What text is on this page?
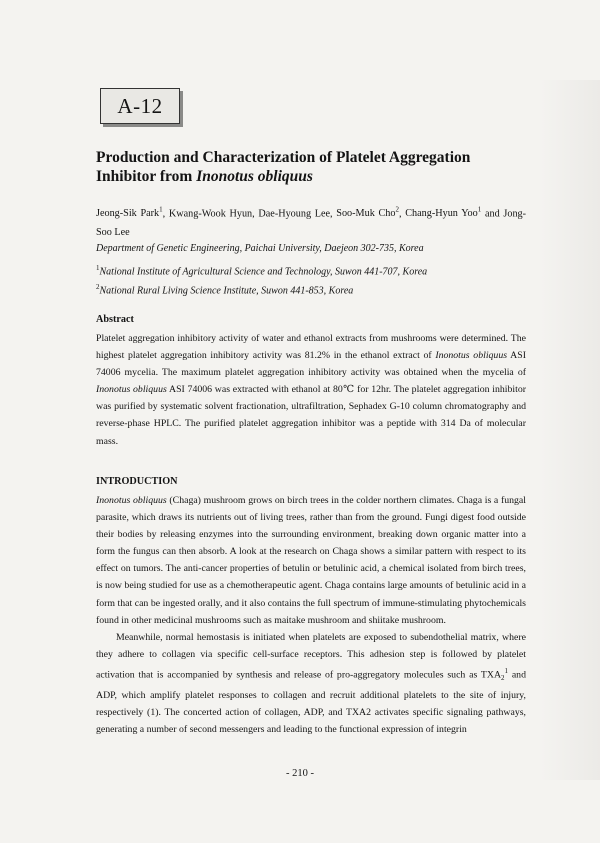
A-12
Production and Characterization of Platelet Aggregation Inhibitor from Inonotus obliquus
Jeong-Sik Park$^1$, Kwang-Wook Hyun, Dae-Hyoung Lee, Soo-Muk Cho$^2$, Chang-Hyun Yoo$^1$ and Jong-Soo Lee
Department of Genetic Engineering, Paichai University, Daejeon 302-735, Korea
$^1$National Institute of Agricultural Science and Technology, Suwon 441-707, Korea
$^2$National Rural Living Science Institute, Suwon 441-853, Korea
Abstract

Platelet aggregation inhibitory activity of water and ethanol extracts from mushrooms were determined. The highest platelet aggregation inhibitory activity was 81.2% in the ethanol extract of Inonotus obliquus ASI 74006 mycelia. The maximum platelet aggregation inhibitory activity was obtained when the mycelia of Inonotus obliquus ASI 74006 was extracted with ethanol at 80℃ for 12hr. The platelet aggregation inhibitor was purified by systematic solvent fractionation, ultrafiltration, Sephadex G-10 column chromatography and reverse-phase HPLC. The purified platelet aggregation inhibitor was a peptide with 314 Da of molecular mass.

INTRODUCTION

Inonotus obliquus (Chaga) mushroom grows on birch trees in the colder northern climates. Chaga is a fungal parasite, which draws its nutrients out of living trees, rather than from the ground. Fungi digest food outside their bodies by releasing enzymes into the surrounding environment, breaking down organic matter into a form the fungus can then absorb. A look at the research on Chaga shows a similar pattern with respect to its effect on tumors. The anti-cancer properties of betulin or betulinic acid, a chemical isolated from birch trees, is now being studied for use as a chemotherapeutic agent. Chaga contains large amounts of betulinic acid in a form that can be ingested orally, and it also contains the full spectrum of immune-stimulating phytochemicals found in other medicinal mushrooms such as maitake mushroom and shiitake mushroom.

Meanwhile, normal hemostasis is initiated when platelets are exposed to subendothelial matrix, where they adhere to collagen via specific cell-surface receptors. This adhesion step is followed by platelet activation that is accompanied by synthesis and release of pro-aggregatory molecules such as $TXA_2^1$ and ADP, which amplify platelet responses to collagen and recruit additional platelets to the site of injury, respectively (1). The concerted action of collagen, ADP, and TXA2 activates specific signaling pathways, generating a number of second messengers and leading to the functional expression of integrin

- 210 -
